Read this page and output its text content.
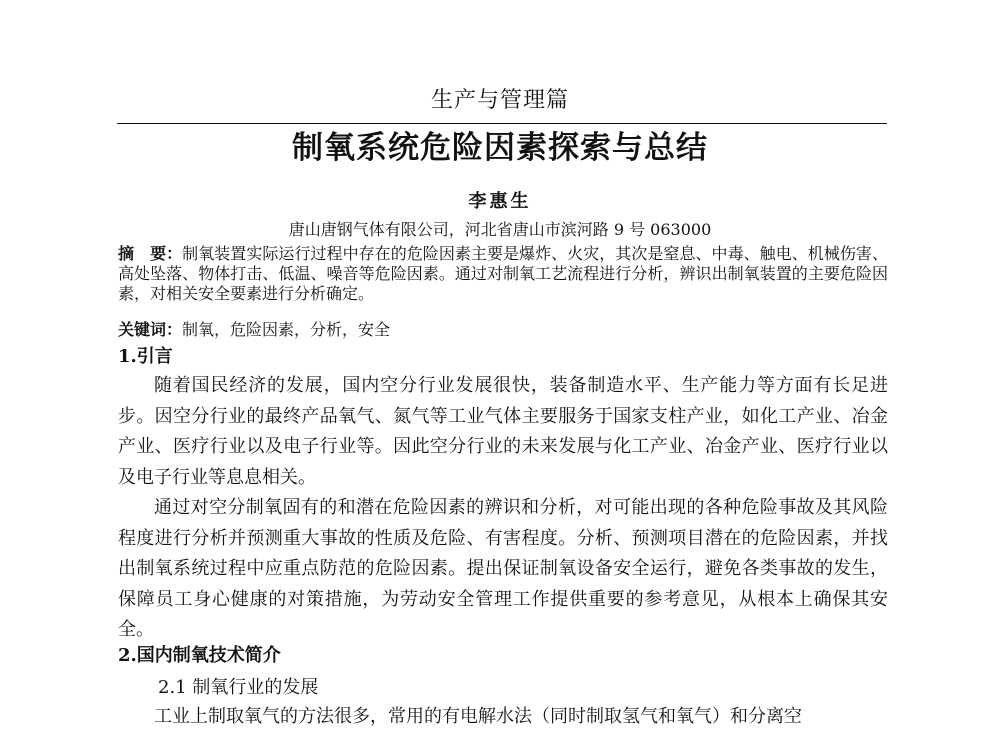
生产与管理篇
制氧系统危险因素探索与总结
李惠生
唐山唐钢气体有限公司，河北省唐山市滨河路 9 号 063000
摘　要：制氧装置实际运行过程中存在的危险因素主要是爆炸、火灾，其次是窒息、中毒、触电、机械伤害、高处坠落、物体打击、低温、噪音等危险因素。通过对制氧工艺流程进行分析，辨识出制氧装置的主要危险因素，对相关安全要素进行分析确定。
关键词：制氧，危险因素，分析，安全
1.引言
随着国民经济的发展，国内空分行业发展很快，装备制造水平、生产能力等方面有长足进步。因空分行业的最终产品氧气、氮气等工业气体主要服务于国家支柱产业，如化工产业、冶金产业、医疗行业以及电子行业等。因此空分行业的未来发展与化工产业、冶金产业、医疗行业以及电子行业等息息相关。
通过对空分制氧固有的和潜在危险因素的辨识和分析，对可能出现的各种危险事故及其风险程度进行分析并预测重大事故的性质及危险、有害程度。分析、预测项目潜在的危险因素，并找出制氧系统过程中应重点防范的危险因素。提出保证制氧设备安全运行，避免各类事故的发生，保障员工身心健康的对策措施，为劳动安全管理工作提供重要的参考意见，从根本上确保其安全。
2.国内制氧技术简介
2.1 制氧行业的发展
工业上制取氧气的方法很多，常用的有电解水法（同时制取氢气和氧气）和分离空
